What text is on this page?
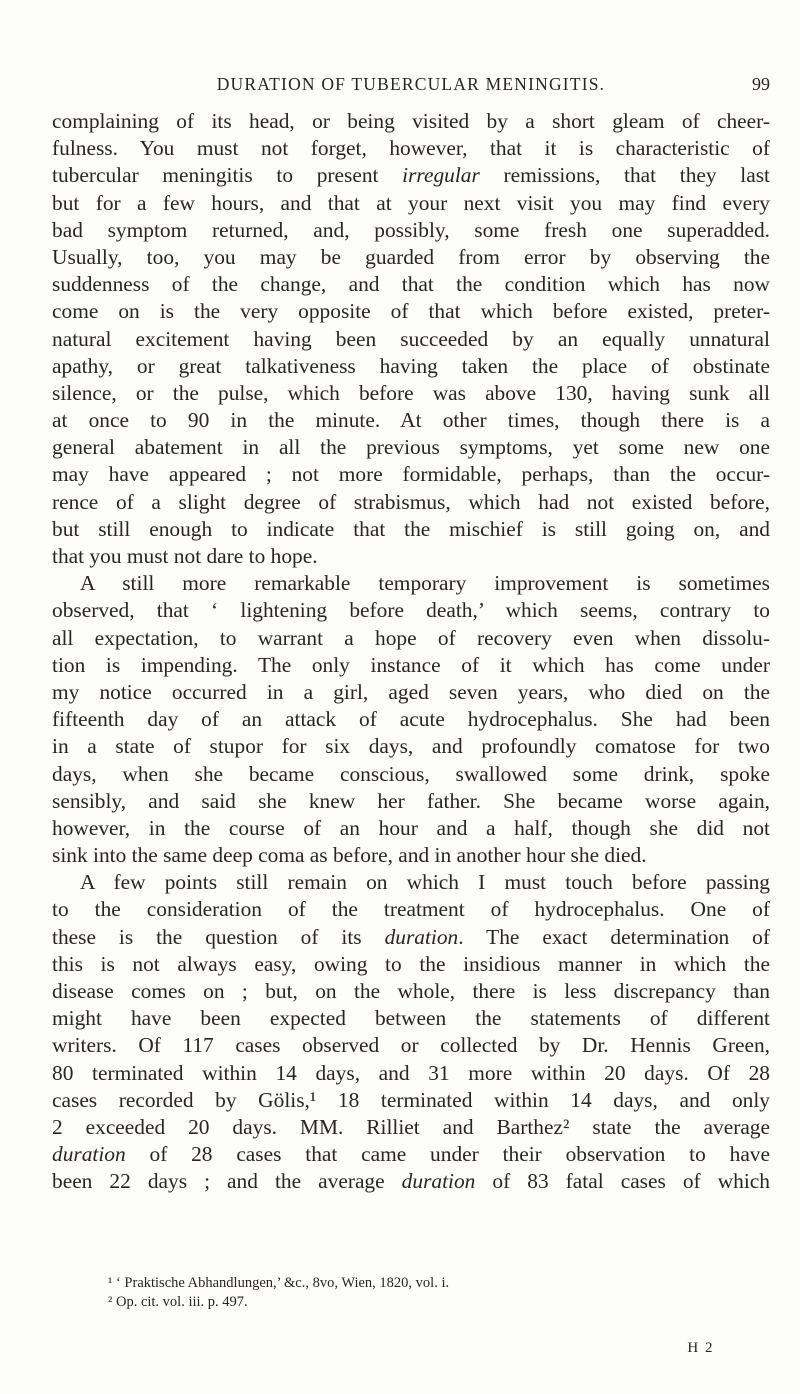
DURATION OF TUBERCULAR MENINGITIS.	99
complaining of its head, or being visited by a short gleam of cheer-
fulness. You must not forget, however, that it is characteristic of
tubercular meningitis to present irregular remissions, that they last
but for a few hours, and that at your next visit you may find every
bad symptom returned, and, possibly, some fresh one superadded.
Usually, too, you may be guarded from error by observing the
suddenness of the change, and that the condition which has now
come on is the very opposite of that which before existed, preter-
natural excitement having been succeeded by an equally unnatural
apathy, or great talkativeness having taken the place of obstinate
silence, or the pulse, which before was above 130, having sunk all
at once to 90 in the minute. At other times, though there is a
general abatement in all the previous symptoms, yet some new one
may have appeared ; not more formidable, perhaps, than the occur-
rence of a slight degree of strabismus, which had not existed before,
but still enough to indicate that the mischief is still going on, and
that you must not dare to hope.
A still more remarkable temporary improvement is sometimes
observed, that ‘ lightening before death,’ which seems, contrary to
all expectation, to warrant a hope of recovery even when dissolu-
tion is impending. The only instance of it which has come under
my notice occurred in a girl, aged seven years, who died on the
fifteenth day of an attack of acute hydrocephalus. She had been
in a state of stupor for six days, and profoundly comatose for two
days, when she became conscious, swallowed some drink, spoke
sensibly, and said she knew her father. She became worse again,
however, in the course of an hour and a half, though she did not
sink into the same deep coma as before, and in another hour she died.
A few points still remain on which I must touch before passing
to the consideration of the treatment of hydrocephalus. One of
these is the question of its duration. The exact determination of
this is not always easy, owing to the insidious manner in which the
disease comes on ; but, on the whole, there is less discrepancy than
might have been expected between the statements of different
writers. Of 117 cases observed or collected by Dr. Hennis Green,
80 terminated within 14 days, and 31 more within 20 days. Of 28
cases recorded by Gölis,¹ 18 terminated within 14 days, and only
2 exceeded 20 days. MM. Rilliet and Barthez² state the average
duration of 28 cases that came under their observation to have
been 22 days ; and the average duration of 83 fatal cases of which
¹ ‘ Praktische Abhandlungen,’ &c., 8vo, Wien, 1820, vol. i.
² Op. cit. vol. iii. p. 497.
H 2
